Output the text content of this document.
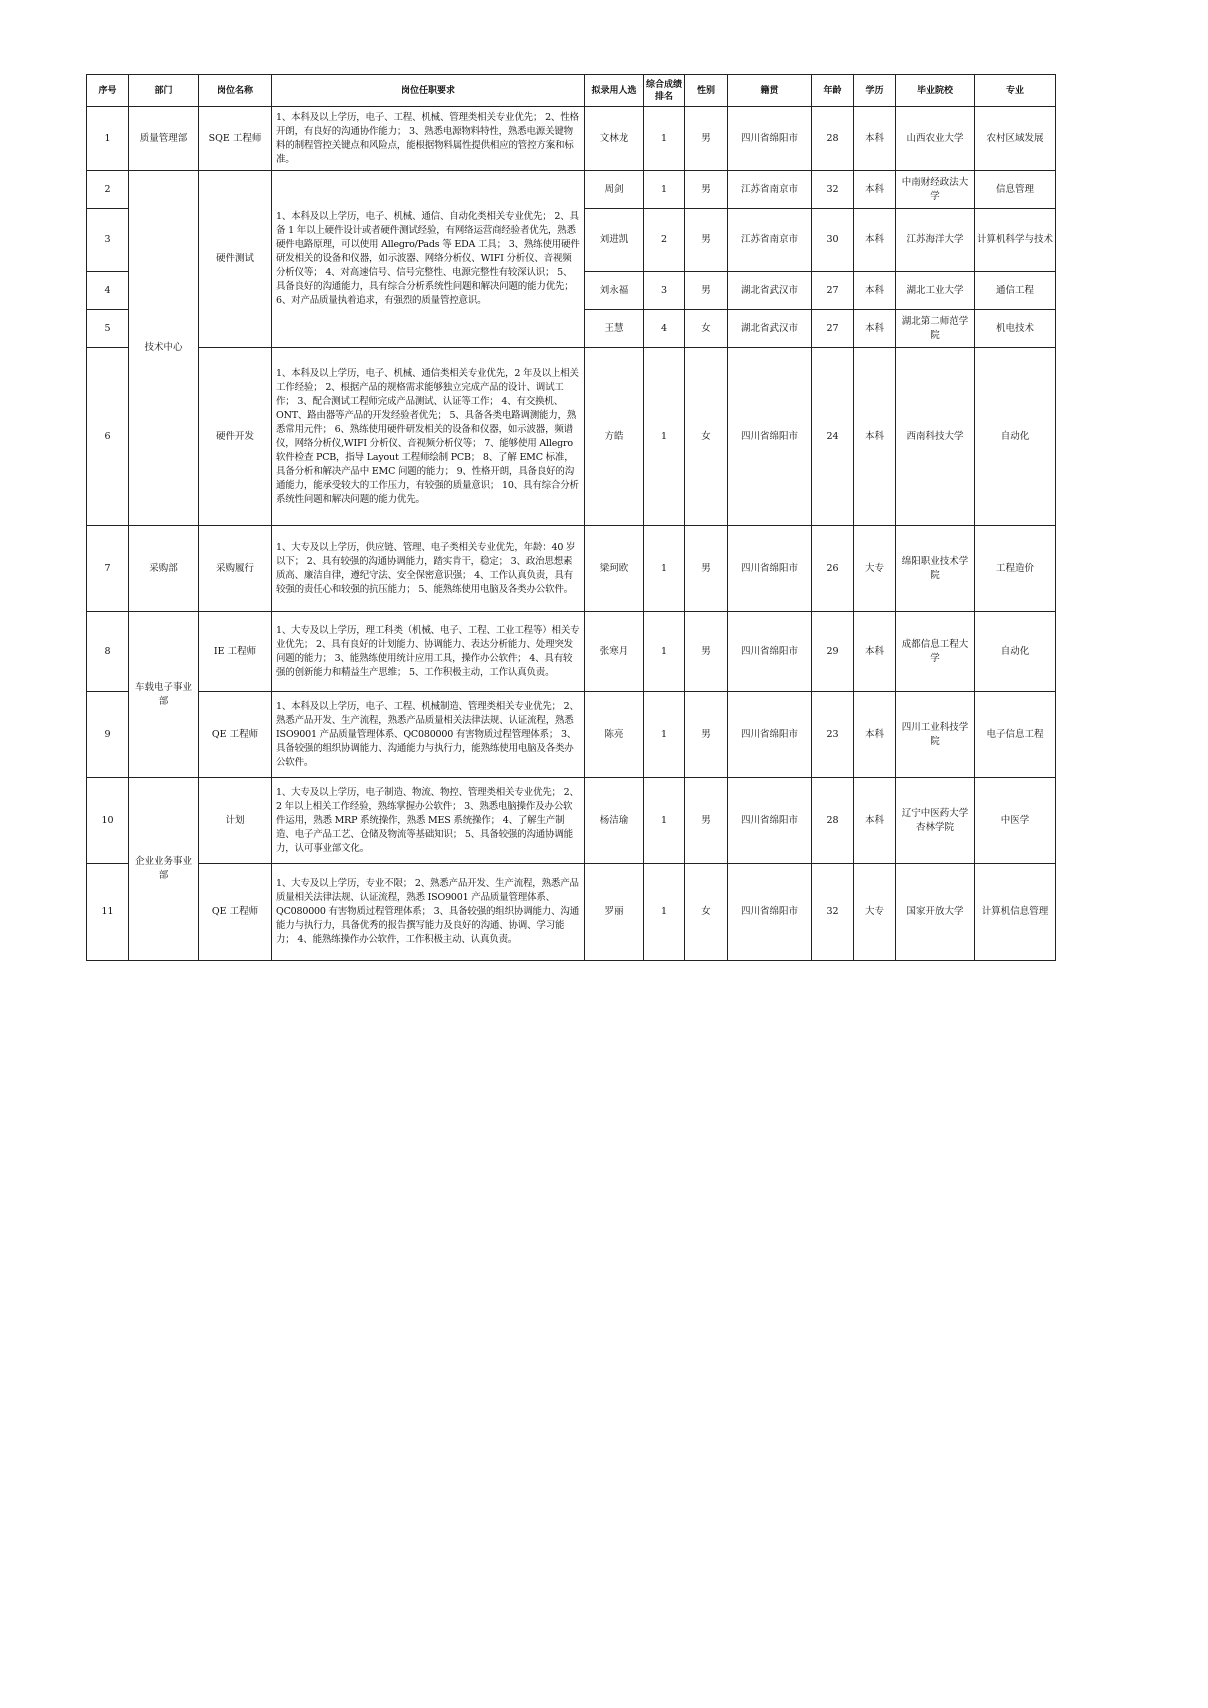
序号	部门	岗位名称	岗位任职要求	拟录用人选	综合成绩排名	性别	籍贯	年龄	学历	毕业院校	专业
1	质量管理部	SQE 工程师	1、本科及以上学历，电子、工程、机械、管理类相关专业优先； 2、性格开朗，有良好的沟通协作能力； 3、熟悉电源物料特性，熟悉电源关键物料的制程管控关键点和风险点，能根据物料属性提供相应的管控方案和标准。	文林龙	1	男	四川省绵阳市	28	本科	山西农业大学	农村区域发展
2	技术中心	硬件测试	1、本科及以上学历，电子、机械、通信、自动化类相关专业优先； 2、具备 1 年以上硬件设计或者硬件测试经验，有网络运营商经验者优先，熟悉硬件电路原理，可以使用 Allegro/Pads 等 EDA 工具； 3、熟练使用硬件研发相关的设备和仪器，如示波器、网络分析仪、WIFI 分析仪、音视频分析仪等； 4、对高速信号、信号完整性、电源完整性有较深认识； 5、具备良好的沟通能力，具有综合分析系统性问题和解决问题的能力优先； 6、对产品质量执着追求，有强烈的质量管控意识。	周剑	1	男	江苏省南京市	32	本科	中南财经政法大学	信息管理
3				刘进凯	2	男	江苏省南京市	30	本科	江苏海洋大学	计算机科学与技术
4				刘永福	3	男	湖北省武汉市	27	本科	湖北工业大学	通信工程
5				王慧	4	女	湖北省武汉市	27	本科	湖北第二师范学院	机电技术
6		硬件开发	1、本科及以上学历，电子、机械、通信类相关专业优先，2 年及以上相关工作经验； 2、根据产品的规格需求能够独立完成产品的设计、调试工作； 3、配合测试工程师完成产品测试、认证等工作； 4、有交换机、ONT、路由器等产品的开发经验者优先； 5、具备各类电路调测能力，熟悉常用元件； 6、熟练使用硬件研发相关的设备和仪器，如示波器，频谱仪，网络分析仪,WIFI 分析仪、音视频分析仪等； 7、能够使用 Allegro 软件检查 PCB，指导 Layout 工程师绘制 PCB； 8、了解 EMC 标准，具备分析和解决产品中 EMC 问题的能力； 9、性格开朗，具备良好的沟通能力，能承受较大的工作压力，有较强的质量意识； 10、具有综合分析系统性问题和解决问题的能力优先。	方皓	1	女	四川省绵阳市	24	本科	西南科技大学	自动化
7	采购部	采购履行	1、大专及以上学历，供应链、管理、电子类相关专业优先，年龄：40 岁以下； 2、具有较强的沟通协调能力，踏实肯干，稳定； 3、政治思想素质高、廉洁自律，遵纪守法、安全保密意识强； 4、工作认真负责，具有较强的责任心和较强的抗压能力； 5、能熟练使用电脑及各类办公软件。	梁珂欧	1	男	四川省绵阳市	26	大专	绵阳职业技术学院	工程造价
8	车载电子事业部	IE 工程师	1、大专及以上学历，理工科类（机械、电子、工程、工业工程等）相关专业优先； 2、具有良好的计划能力、协调能力、表达分析能力、处理突发问题的能力； 3、能熟练使用统计应用工具，操作办公软件； 4、具有较强的创新能力和精益生产思维； 5、工作积极主动，工作认真负责。	张寒月	1	男	四川省绵阳市	29	本科	成都信息工程大学	自动化
9		QE 工程师	1、本科及以上学历，电子、工程、机械制造、管理类相关专业优先； 2、熟悉产品开发、生产流程，熟悉产品质量相关法律法规、认证流程，熟悉 ISO9001 产品质量管理体系、QC080000 有害物质过程管理体系； 3、具备较强的组织协调能力、沟通能力与执行力，能熟练使用电脑及各类办公软件。	陈亮	1	男	四川省绵阳市	23	本科	四川工业科技学院	电子信息工程
10	企业业务事业部	计划	1、大专及以上学历，电子制造、物流、物控、管理类相关专业优先； 2、2 年以上相关工作经验，熟练掌握办公软件； 3、熟悉电脑操作及办公软件运用，熟悉 MRP 系统操作，熟悉 MES 系统操作； 4、了解生产制造、电子产品工艺、仓储及物流等基础知识； 5、具备较强的沟通协调能力，认可事业部文化。	杨洁瑜	1	男	四川省绵阳市	28	本科	辽宁中医药大学杏林学院	中医学
11		QE 工程师	1、大专及以上学历，专业不限； 2、熟悉产品开发、生产流程，熟悉产品质量相关法律法规、认证流程，熟悉 ISO9001 产品质量管理体系、QC080000 有害物质过程管理体系； 3、具备较强的组织协调能力、沟通能力与执行力，具备优秀的报告撰写能力及良好的沟通、协调、学习能力； 4、能熟练操作办公软件，工作积极主动、认真负责。	罗丽	1	女	四川省绵阳市	32	大专	国家开放大学	计算机信息管理
